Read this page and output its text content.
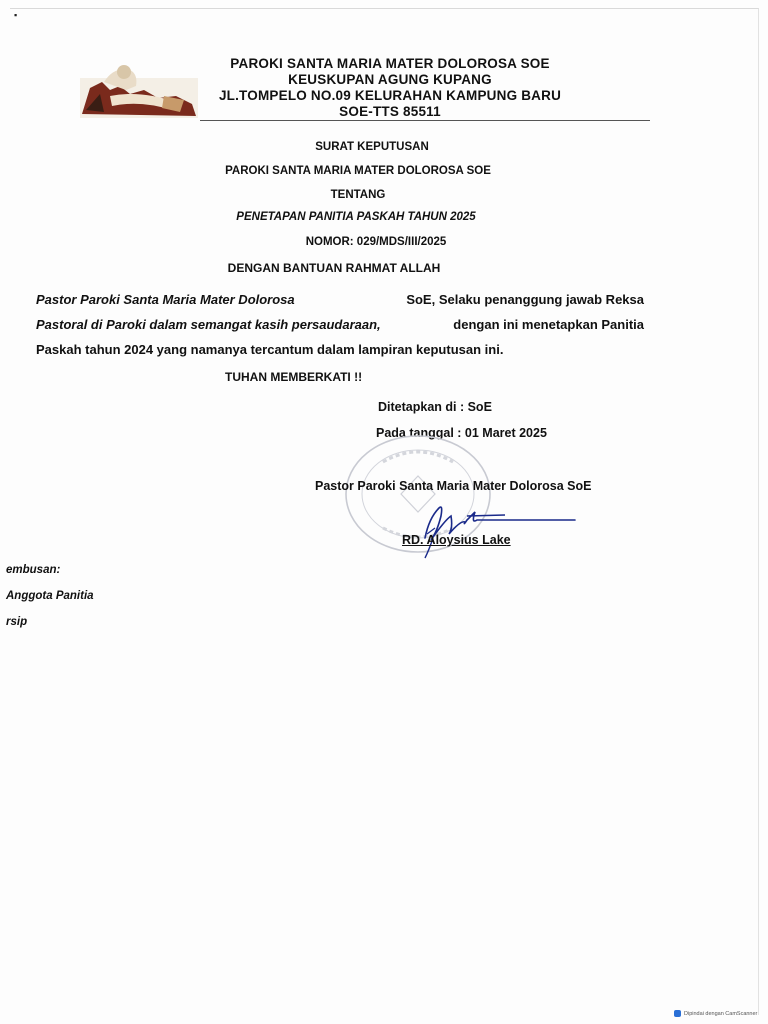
▪
PAROKI SANTA MARIA MATER DOLOROSA SOE
KEUSKUPAN AGUNG KUPANG
JL.TOMPELO NO.09 KELURAHAN KAMPUNG BARU
SOE-TTS 85511
SURAT KEPUTUSAN
PAROKI SANTA MARIA MATER DOLOROSA SOE
TENTANG
PENETAPAN PANITIA PASKAH TAHUN 2025
NOMOR: 029/MDS/III/2025
DENGAN BANTUAN RAHMAT ALLAH
Pastor Paroki Santa Maria Mater Dolorosa
	SoE, Selaku penanggung jawab Reksa
Pastoral di Paroki dalam semangat kasih persaudaraan,
	dengan ini menetapkan Panitia
Paskah tahun 2024 yang namanya tercantum dalam lampiran keputusan ini.
TUHAN MEMBERKATI !!
Ditetapkan di : SoE
Pada tanggal : 01 Maret 2025
Pastor Paroki Santa Maria Mater Dolorosa SoE
RD. Aloysius Lake
embusan:
Anggota Panitia
rsip
Dipindai dengan CamScanner
